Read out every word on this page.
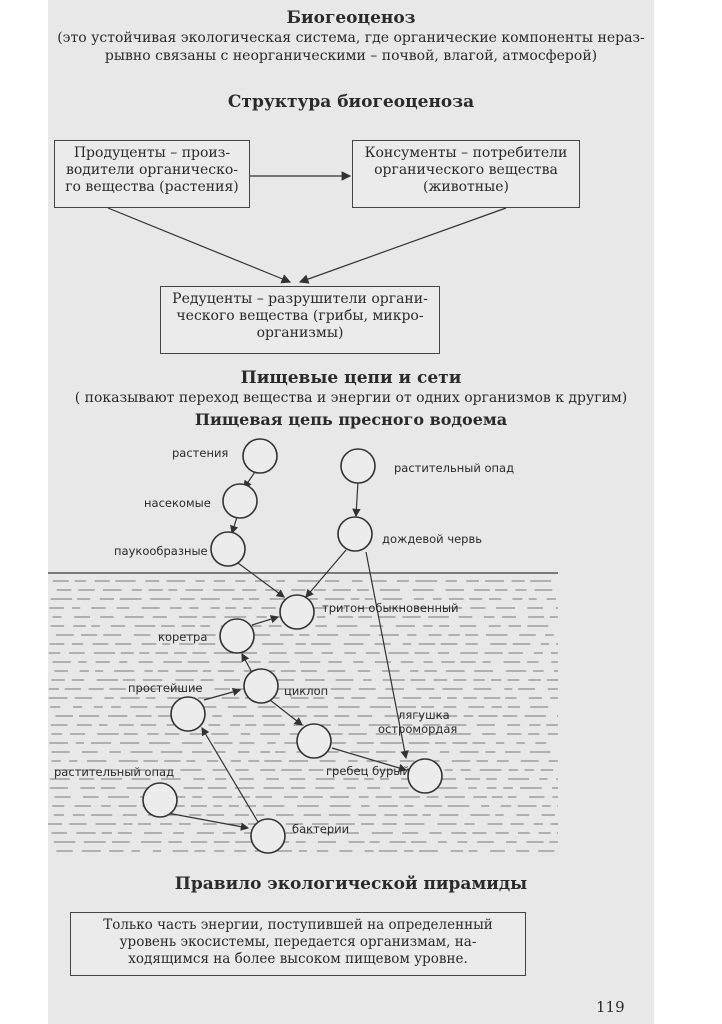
Биогеоценоз
(это устойчивая экологическая система, где органические компоненты нераз-
рывно связаны с неорганическими – почвой, влагой, атмосферой)
Структура биогеоценоза
Продуценты – произ-
водители органическо-
го вещества (растения)
Консументы – потребители
органического вещества
(животные)
Редуценты – разрушители органи-
ческого вещества (грибы, микро-
организмы)
Пищевые цепи и сети
( показывают переход вещества и энергии от одних организмов к другим)
Пищевая цепь пресного водоема
растения
насекомые
паукообразные
растительный опад
дождевой червь
тритон обыкновенный
коретра
простейшие	циклоп
лягушка
остромордая
гребец бурый
растительный опад
бактерии
Правило экологической пирамиды
Только часть энергии, поступившей на определенный
уровень экосистемы, передается организмам, на-
ходящимся на более высоком пищевом уровне.
119
